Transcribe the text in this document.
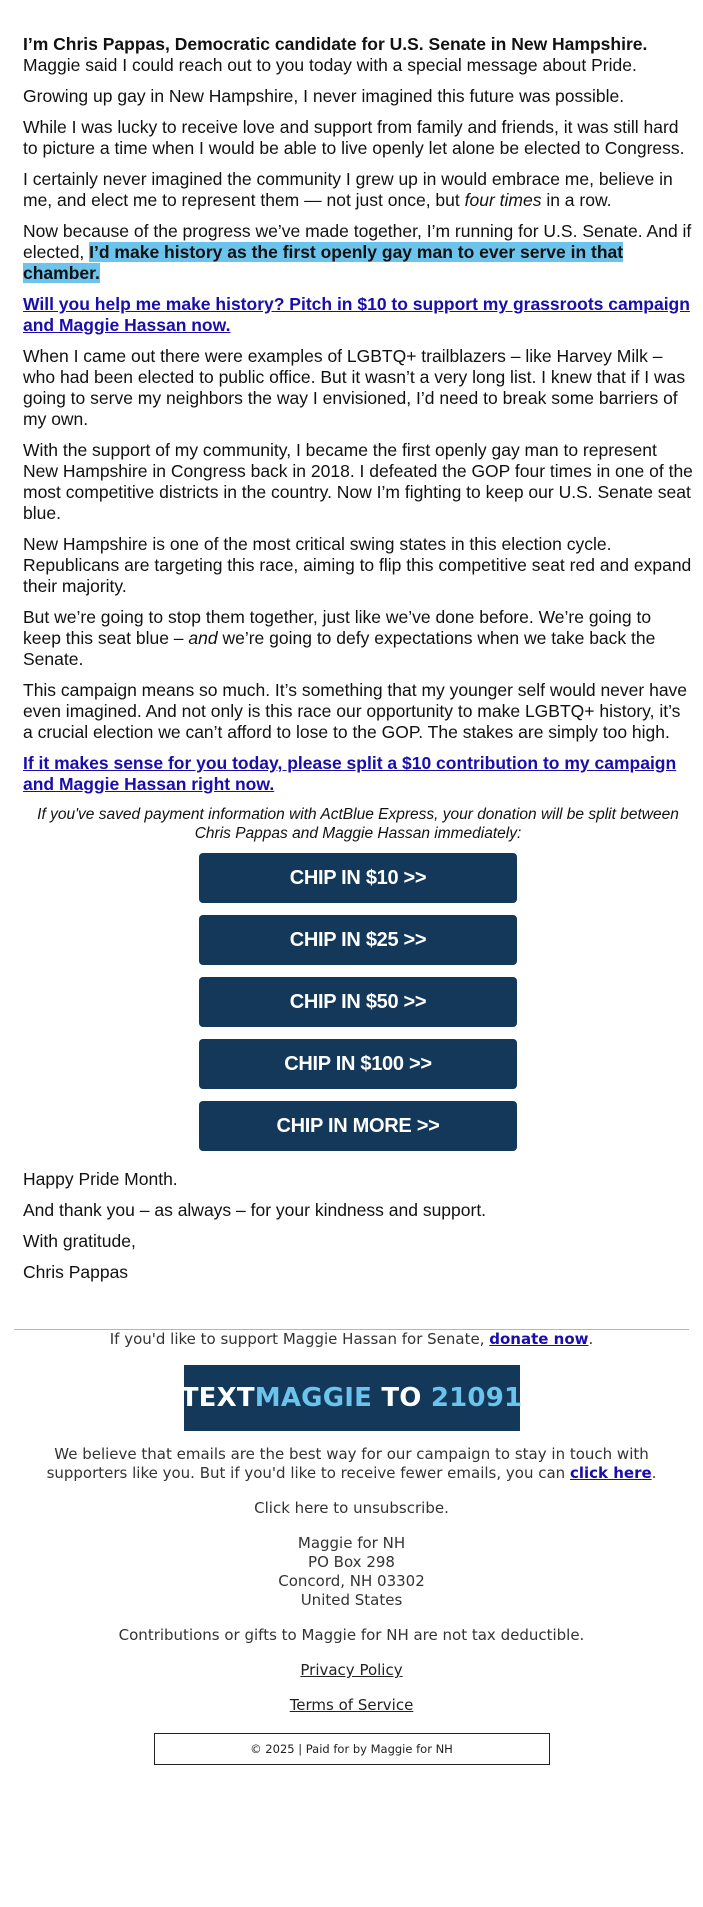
I’m Chris Pappas, Democratic candidate for U.S. Senate in New Hampshire.
Maggie said I could reach out to you today with a special message about Pride.

Growing up gay in New Hampshire, I never imagined this future was possible.

While I was lucky to receive love and support from family and friends, it was still hard to picture a time when I would be able to live openly let alone be elected to Congress.

I certainly never imagined the community I grew up in would embrace me, believe in me, and elect me to represent them — not just once, but four times in a row.

Now because of the progress we’ve made together, I’m running for U.S. Senate. And if elected, I’d make history as the first openly gay man to ever serve in that chamber.

Will you help me make history? Pitch in $10 to support my grassroots campaign and Maggie Hassan now.

When I came out there were examples of LGBTQ+ trailblazers – like Harvey Milk – who had been elected to public office. But it wasn’t a very long list. I knew that if I was going to serve my neighbors the way I envisioned, I’d need to break some barriers of my own.

With the support of my community, I became the first openly gay man to represent New Hampshire in Congress back in 2018. I defeated the GOP four times in one of the most competitive districts in the country. Now I’m fighting to keep our U.S. Senate seat blue.

New Hampshire is one of the most critical swing states in this election cycle. Republicans are targeting this race, aiming to flip this competitive seat red and expand their majority.

But we’re going to stop them together, just like we’ve done before. We’re going to keep this seat blue – and we’re going to defy expectations when we take back the Senate.

This campaign means so much. It’s something that my younger self would never have even imagined. And not only is this race our opportunity to make LGBTQ+ history, it’s a crucial election we can’t afford to lose to the GOP. The stakes are simply too high.

If it makes sense for you today, please split a $10 contribution to my campaign and Maggie Hassan right now.

If you've saved payment information with ActBlue Express, your donation will be split between Chris Pappas and Maggie Hassan immediately:

CHIP IN $10 >>
CHIP IN $25 >>
CHIP IN $50 >>
CHIP IN $100 >>
CHIP IN MORE >>

Happy Pride Month.

And thank you – as always – for your kindness and support.

With gratitude,

Chris Pappas

If you'd like to support Maggie Hassan for Senate, donate now.

TEXT MAGGIE TO 21091

We believe that emails are the best way for our campaign to stay in touch with supporters like you. But if you'd like to receive fewer emails, you can click here.

Click here to unsubscribe.

Maggie for NH

PO Box 298

Concord, NH 03302

United States

Contributions or gifts to Maggie for NH are not tax deductible.

Privacy Policy

Terms of Service

© 2025 | Paid for by Maggie for NH
